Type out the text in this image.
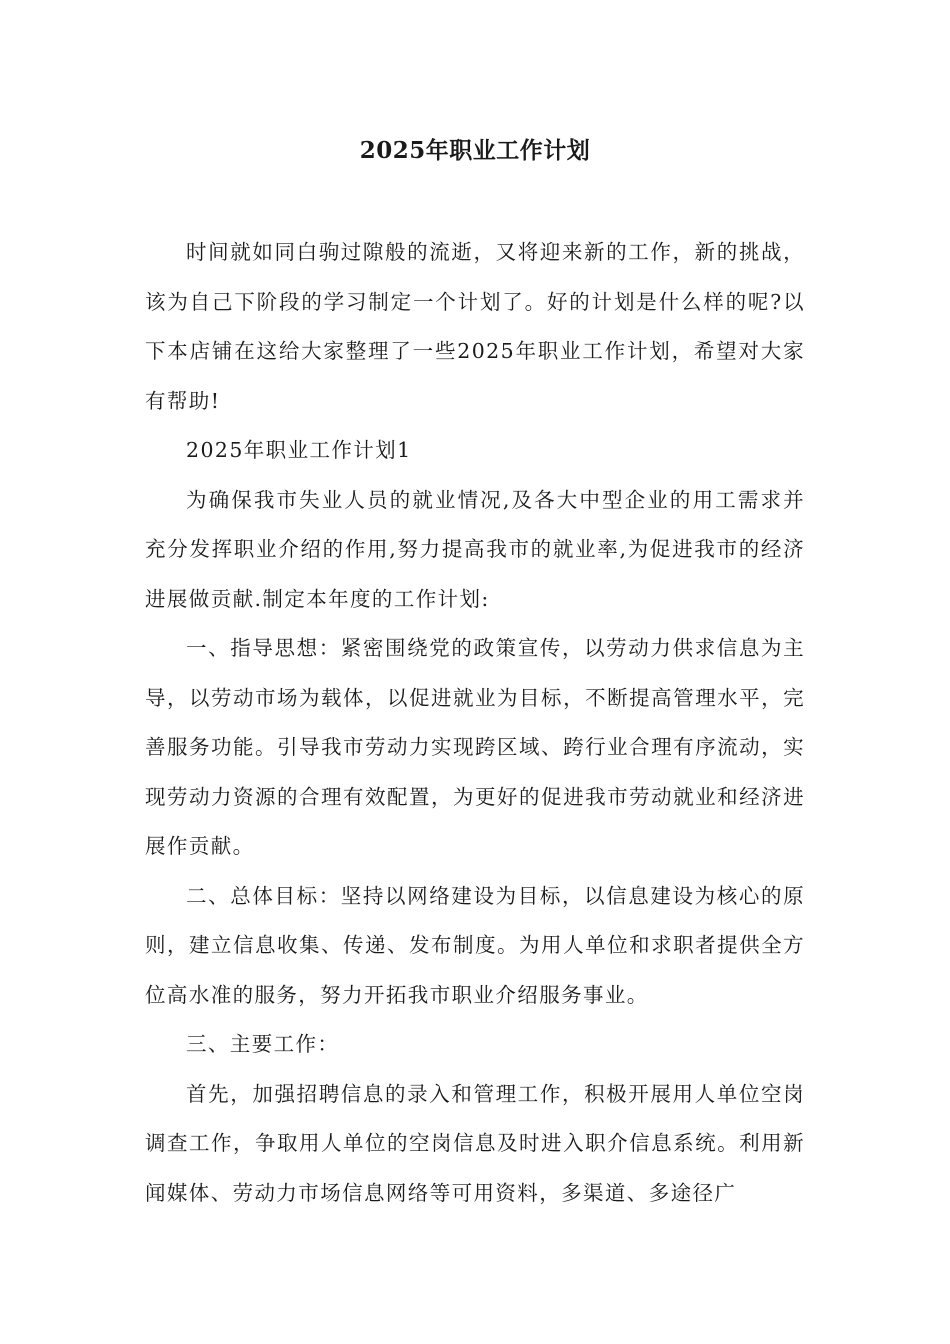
2025年职业工作计划

时间就如同白驹过隙般的流逝，又将迎来新的工作，新的挑战，该为自己下阶段的学习制定一个计划了。好的计划是什么样的呢?以下本店铺在这给大家整理了一些2025年职业工作计划，希望对大家有帮助!

2025年职业工作计划1

为确保我市失业人员的就业情况,及各大中型企业的用工需求并充分发挥职业介绍的作用,努力提高我市的就业率,为促进我市的经济进展做贡献.制定本年度的工作计划:

一、指导思想：紧密围绕党的政策宣传，以劳动力供求信息为主导，以劳动市场为载体，以促进就业为目标，不断提高管理水平，完善服务功能。引导我市劳动力实现跨区域、跨行业合理有序流动，实现劳动力资源的合理有效配置，为更好的促进我市劳动就业和经济进展作贡献。

二、总体目标：坚持以网络建设为目标，以信息建设为核心的原则，建立信息收集、传递、发布制度。为用人单位和求职者提供全方位高水准的服务，努力开拓我市职业介绍服务事业。

三、主要工作：

首先，加强招聘信息的录入和管理工作，积极开展用人单位空岗调查工作，争取用人单位的空岗信息及时进入职介信息系统。利用新闻媒体、劳动力市场信息网络等可用资料，多渠道、多途径广
